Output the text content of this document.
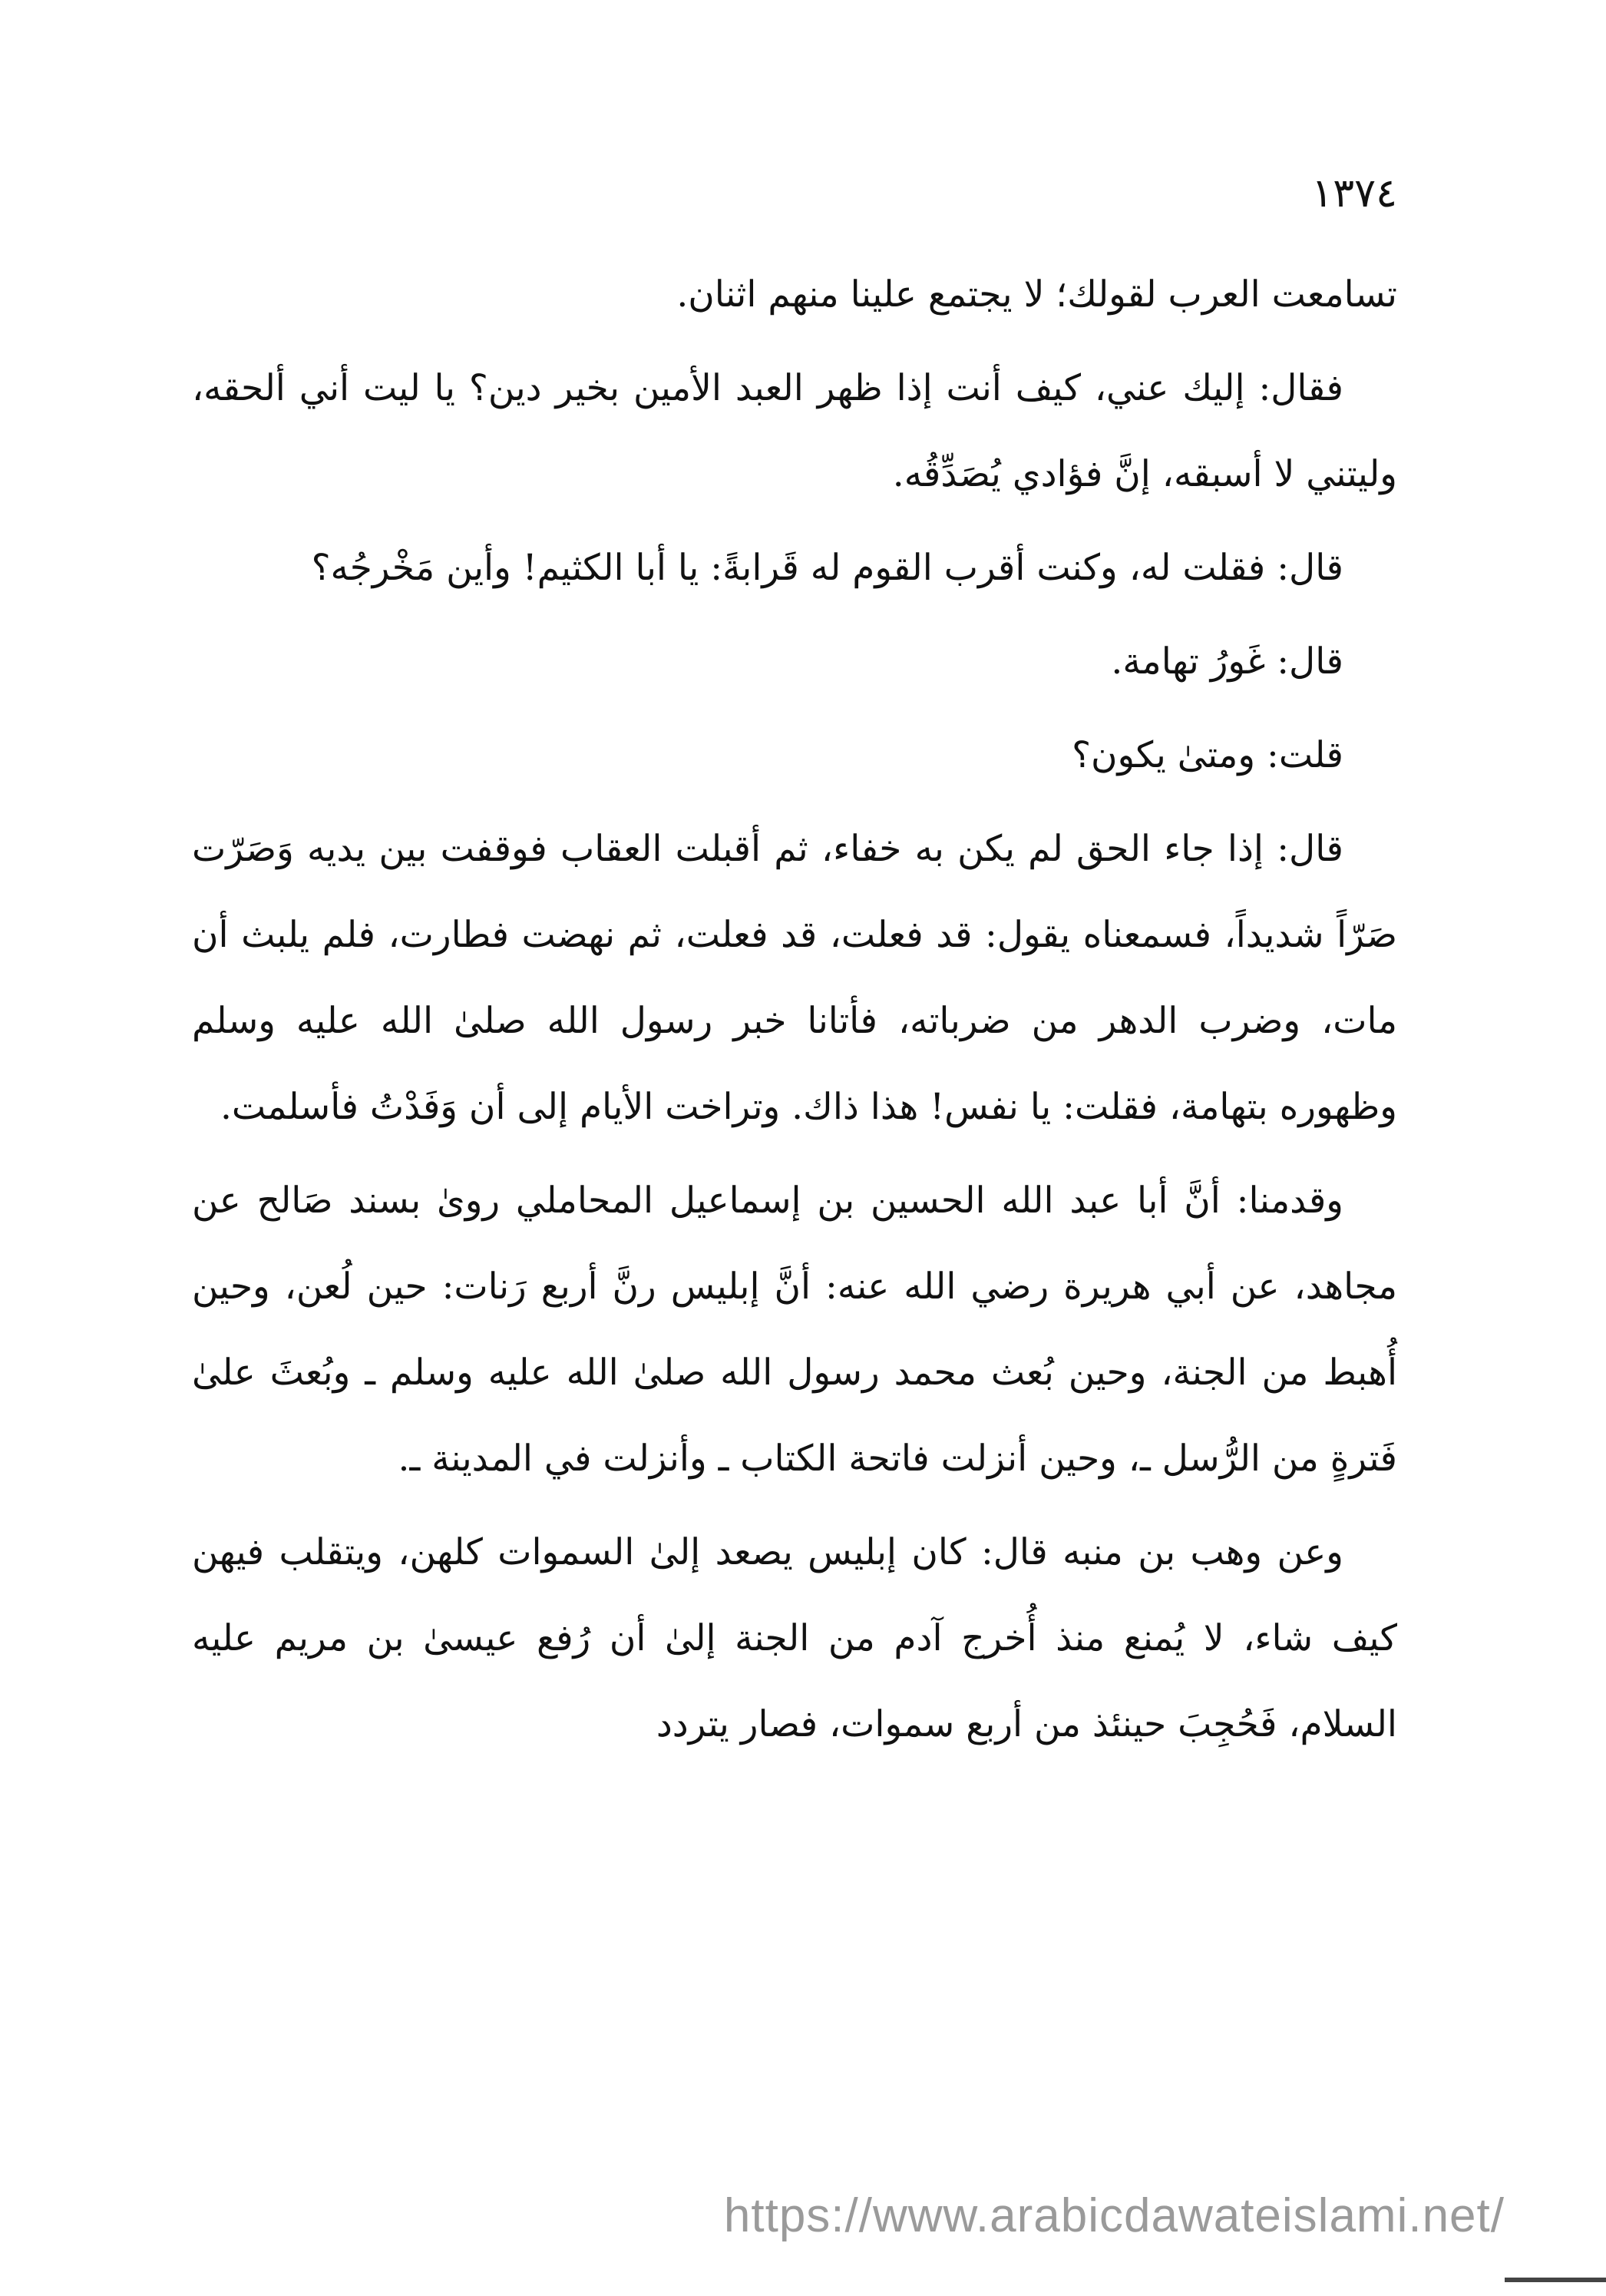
١٣٧٤

تسامعت العرب لقولك؛ لا يجتمع علينا منهم اثنان.

فقال: إليك عني، كيف أنت إذا ظهر العبد الأمين بخير دين؟ يا ليت أني ألحقه، وليتني لا أسبقه، إنَّ فؤادي يُصَدِّقُه.

قال: فقلت له، وكنت أقرب القوم له قَرابةً: يا أبا الكثيم! وأين مَخْرجُه؟

قال: غَورُ تهامة.

قلت: ومتىٰ يكون؟

قال: إذا جاء الحق لم يكن به خفاء، ثم أقبلت العقاب فوقفت بين يديه وَصَرّت صَرّاً شديداً، فسمعناه يقول: قد فعلت، قد فعلت، ثم نهضت فطارت، فلم يلبث أن مات، وضرب الدهر من ضرباته، فأتانا خبر رسول الله صلىٰ الله عليه وسلم وظهوره بتهامة، فقلت: يا نفس! هذا ذاك. وتراخت الأيام إلى أن وَفَدْتُ فأسلمت.

وقدمنا: أنَّ أبا عبد الله الحسين بن إسماعيل المحاملي روىٰ بسند صَالح عن مجاهد، عن أبي هريرة رضي الله عنه: أنَّ إبليس رنَّ أربع رَنات: حين لُعن، وحين أُهبط من الجنة، وحين بُعث محمد رسول الله صلىٰ الله عليه وسلم ـ وبُعثَ علىٰ فَترةٍ من الرُّسل ـ، وحين أنزلت فاتحة الكتاب ـ وأنزلت في المدينة ـ.

وعن وهب بن منبه قال: كان إبليس يصعد إلىٰ السموات كلهن، ويتقلب فيهن كيف شاء، لا يُمنع منذ أُخرج آدم من الجنة إلىٰ أن رُفع عيسىٰ بن مريم عليه السلام، فَحُجِبَ حينئذ من أربع سموات، فصار يتردد

https://www.arabicdawateislami.net/
